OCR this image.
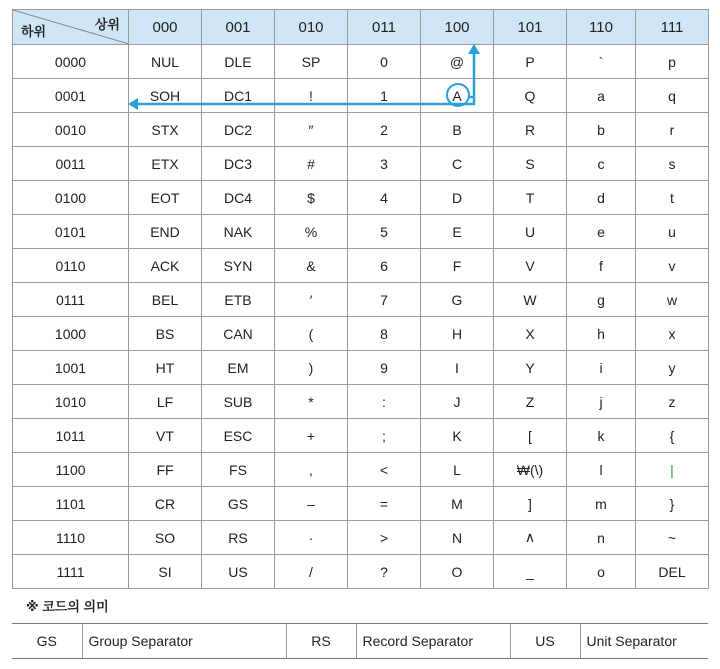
상위
하위	000	001	010	011	100	101	110	111
0000	NUL	DLE	SP	0	@	P	`	p
0001	SOH	DC1	!	1	A	Q	a	q
0010	STX	DC2	″	2	B	R	b	r
0011	ETX	DC3	#	3	C	S	c	s
0100	EOT	DC4	$	4	D	T	d	t
0101	END	NAK	%	5	E	U	e	u
0110	ACK	SYN	&	6	F	V	f	v
0111	BEL	ETB	′	7	G	W	g	w
1000	BS	CAN	(	8	H	X	h	x
1001	HT	EM	)	9	I	Y	i	y
1010	LF	SUB	*	:	J	Z	j	z
1011	VT	ESC	+	;	K	[	k	{
1100	FF	FS	,	<	L	₩(\)	l	|
1101	CR	GS	–	=	M	]	m	}
1110	SO	RS	·	>	N	∧	n	~
1111	SI	US	/	?	O	_	o	DEL
※ 코드의 의미
GS	Group Separator	RS	Record Separator	US	Unit Separator
